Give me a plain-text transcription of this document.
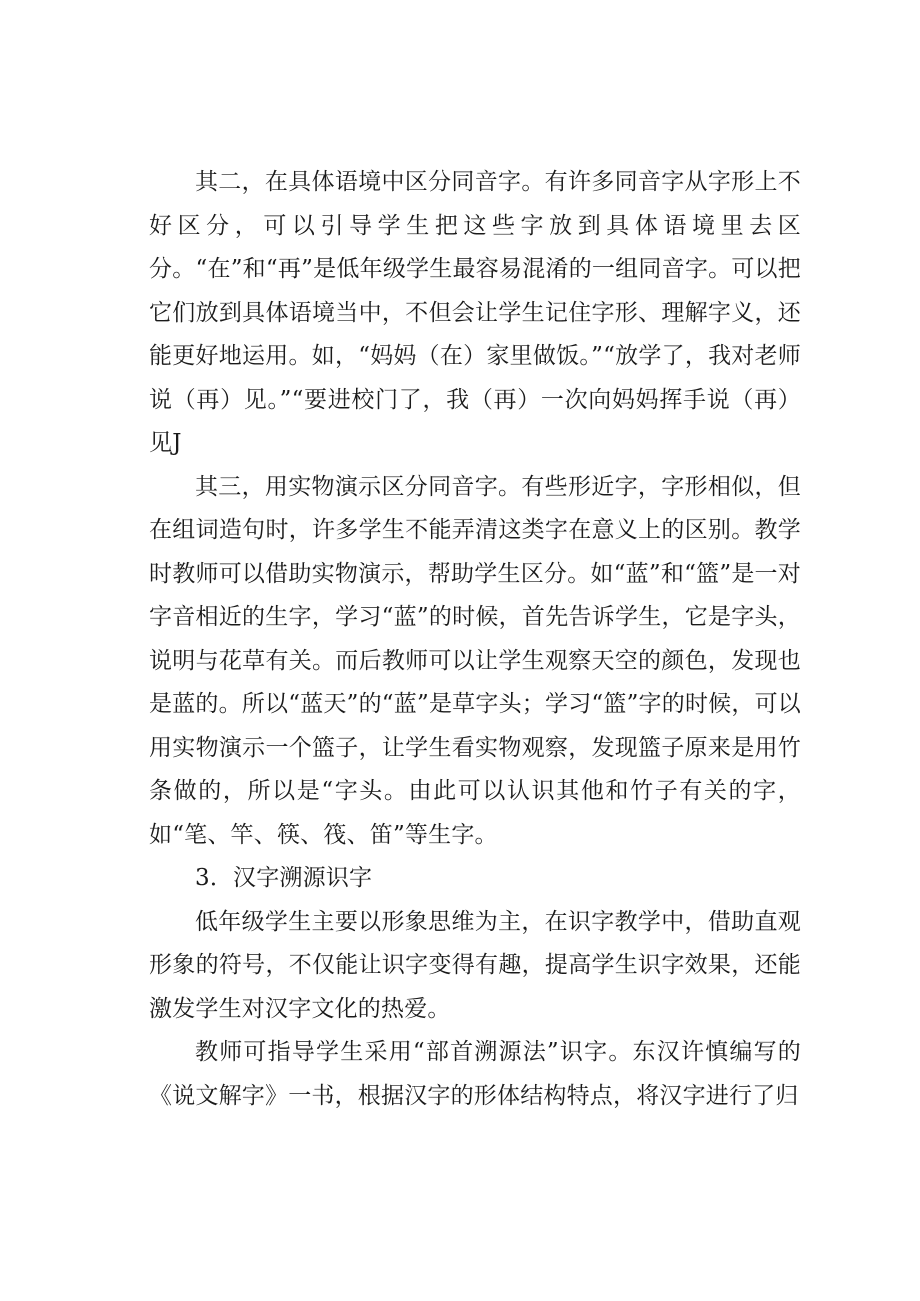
其二，在具体语境中区分同音字。有许多同音字从字形上不好区分，可以引导学生把这些字放到具体语境里去区分。“在”和“再”是低年级学生最容易混淆的一组同音字。可以把它们放到具体语境当中，不但会让学生记住字形、理解字义，还能更好地运用。如，“妈妈（在）家里做饭。”“放学了，我对老师说（再）见。”“要进校门了，我（再）一次向妈妈挥手说（再）见J

其三，用实物演示区分同音字。有些形近字，字形相似，但在组词造句时，许多学生不能弄清这类字在意义上的区别。教学时教师可以借助实物演示，帮助学生区分。如“蓝”和“篮”是一对字音相近的生字，学习“蓝”的时候，首先告诉学生，它是字头，说明与花草有关。而后教师可以让学生观察天空的颜色，发现也是蓝的。所以“蓝天”的“蓝”是草字头；学习“篮”字的时候，可以用实物演示一个篮子，让学生看实物观察，发现篮子原来是用竹条做的，所以是“字头。由此可以认识其他和竹子有关的字，如“笔、竿、筷、筏、笛”等生字。

3．汉字溯源识字

低年级学生主要以形象思维为主，在识字教学中，借助直观形象的符号，不仅能让识字变得有趣，提高学生识字效果，还能激发学生对汉字文化的热爱。

教师可指导学生采用“部首溯源法”识字。东汉许慎编写的《说文解字》一书，根据汉字的形体结构特点，将汉字进行了归
